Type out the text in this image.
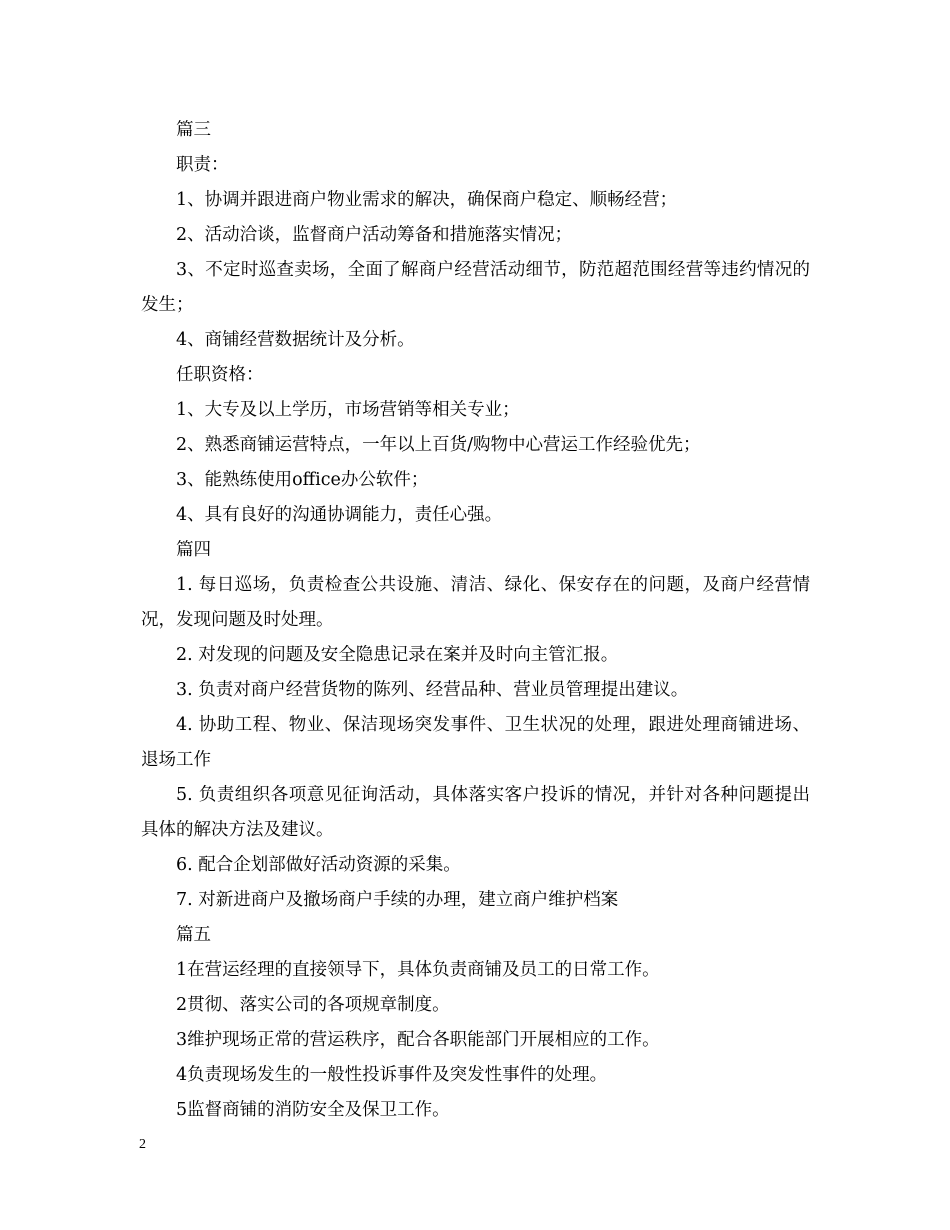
篇三

职责：

1、协调并跟进商户物业需求的解决，确保商户稳定、顺畅经营；

2、活动洽谈，监督商户活动筹备和措施落实情况；

3、不定时巡查卖场，全面了解商户经营活动细节，防范超范围经营等违约情况的发生；

4、商铺经营数据统计及分析。

任职资格：

1、大专及以上学历，市场营销等相关专业；

2、熟悉商铺运营特点，一年以上百货/购物中心营运工作经验优先；

3、能熟练使用office办公软件；

4、具有良好的沟通协调能力，责任心强。

篇四

1. 每日巡场，负责检查公共设施、清洁、绿化、保安存在的问题，及商户经营情况，发现问题及时处理。

2. 对发现的问题及安全隐患记录在案并及时向主管汇报。

3. 负责对商户经营货物的陈列、经营品种、营业员管理提出建议。

4. 协助工程、物业、保洁现场突发事件、卫生状况的处理，跟进处理商铺进场、退场工作

5. 负责组织各项意见征询活动，具体落实客户投诉的情况，并针对各种问题提出具体的解决方法及建议。

6. 配合企划部做好活动资源的采集。

7. 对新进商户及撤场商户手续的办理，建立商户维护档案

篇五

1在营运经理的直接领导下，具体负责商铺及员工的日常工作。

2贯彻、落实公司的各项规章制度。

3维护现场正常的营运秩序，配合各职能部门开展相应的工作。

4负责现场发生的一般性投诉事件及突发性事件的处理。

5监督商铺的消防安全及保卫工作。

2
